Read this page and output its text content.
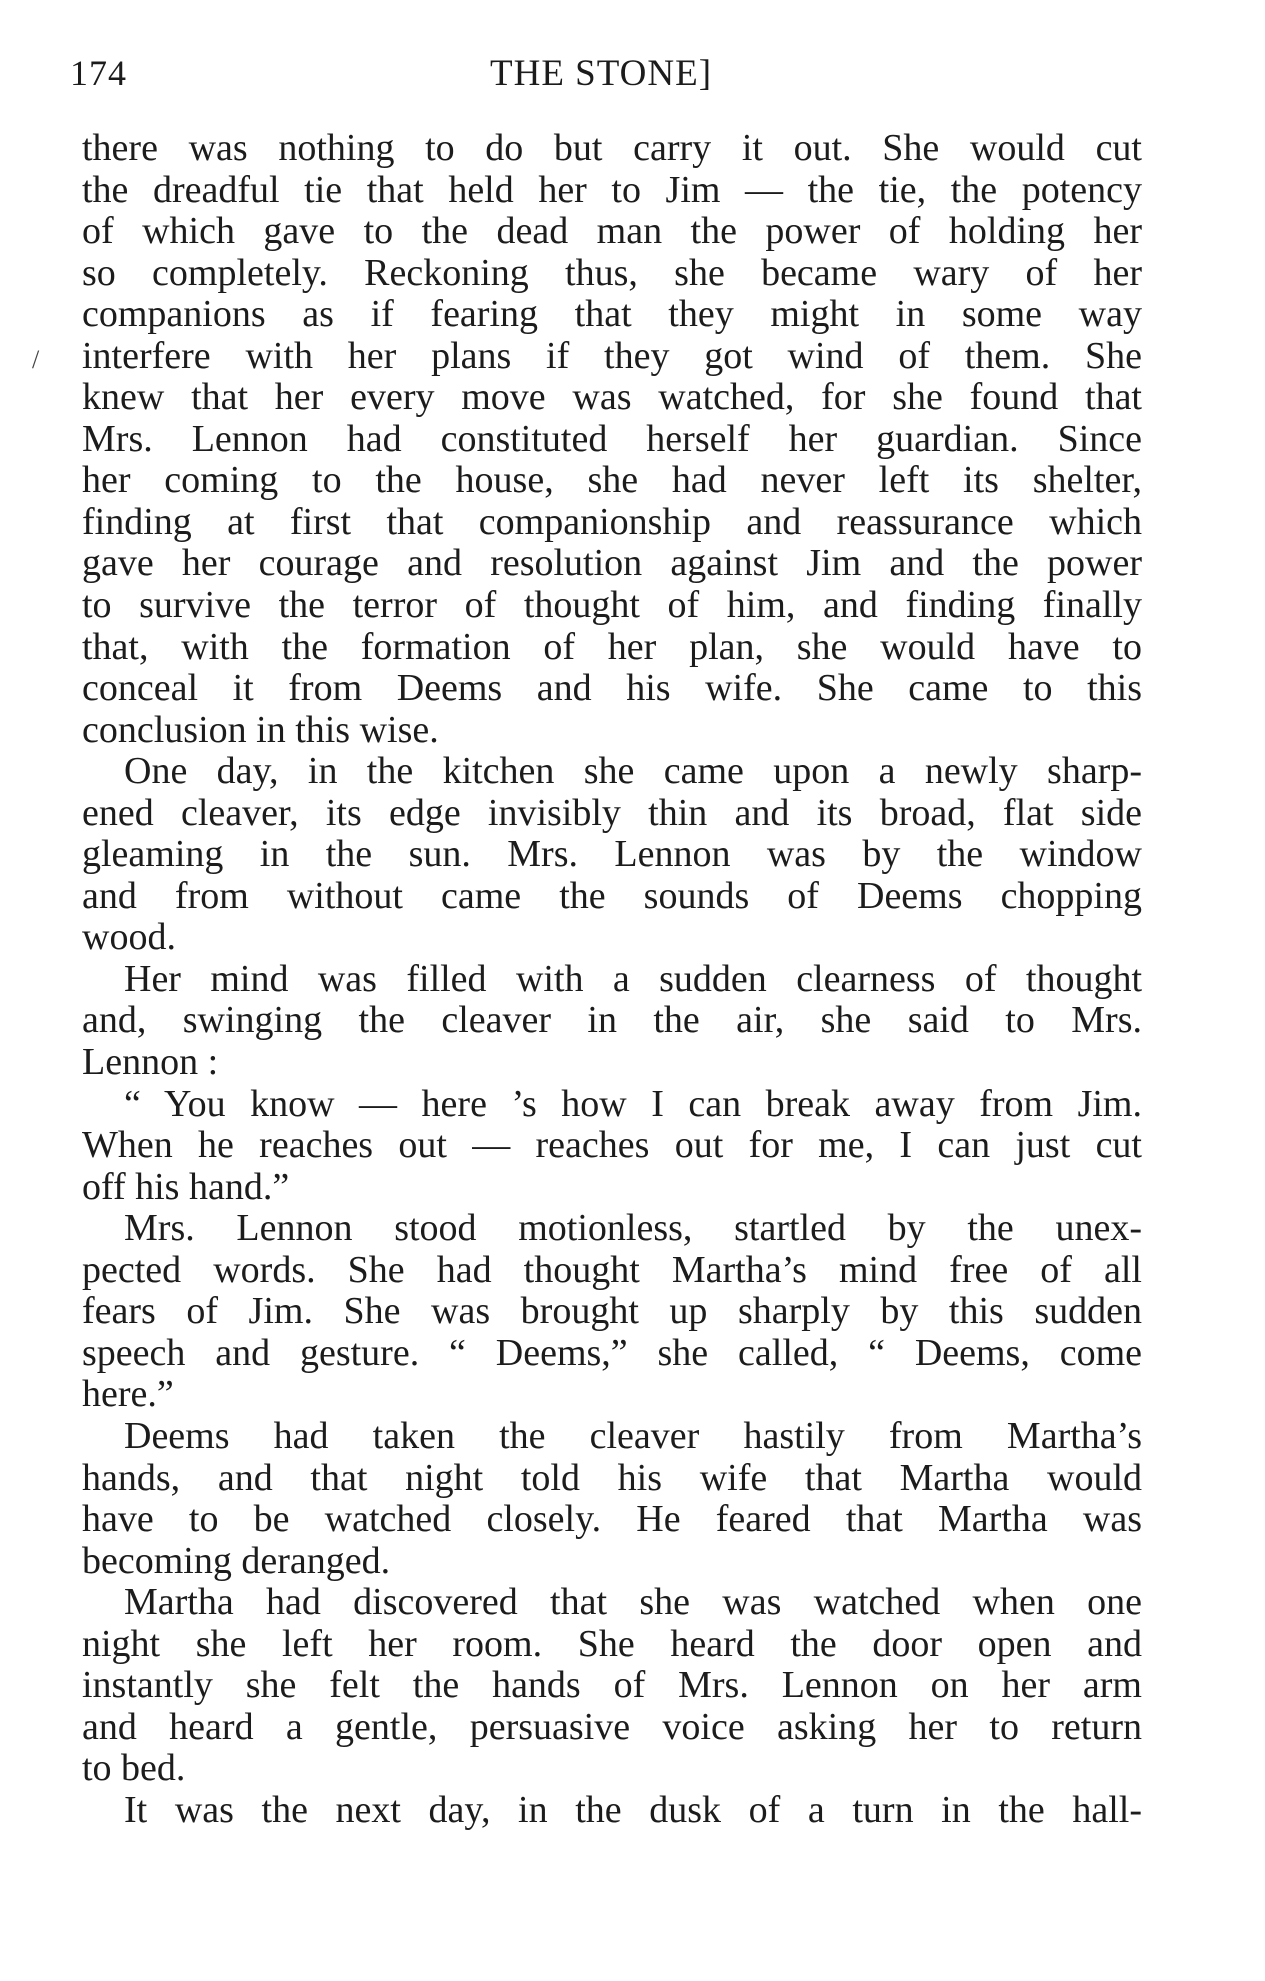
174	THE STONE]
/
there was nothing to do but carry it out. She would cut
the dreadful tie that held her to Jim — the tie, the potency
of which gave to the dead man the power of holding her
so completely. Reckoning thus, she became wary of her
companions as if fearing that they might in some way
interfere with her plans if they got wind of them. She
knew that her every move was watched, for she found that
Mrs. Lennon had constituted herself her guardian. Since
her coming to the house, she had never left its shelter,
finding at first that companionship and reassurance which
gave her courage and resolution against Jim and the power
to survive the terror of thought of him, and finding finally
that, with the formation of her plan, she would have to
conceal it from Deems and his wife. She came to this
conclusion in this wise.
One day, in the kitchen she came upon a newly sharp-
ened cleaver, its edge invisibly thin and its broad, flat side
gleaming in the sun. Mrs. Lennon was by the window
and from without came the sounds of Deems chopping
wood.
Her mind was filled with a sudden clearness of thought
and, swinging the cleaver in the air, she said to Mrs.
Lennon :
“ You know — here ’s how I can break away from Jim.
When he reaches out — reaches out for me, I can just cut
off his hand.”
Mrs. Lennon stood motionless, startled by the unex-
pected words. She had thought Martha’s mind free of all
fears of Jim. She was brought up sharply by this sudden
speech and gesture. “ Deems,” she called, “ Deems, come
here.”
Deems had taken the cleaver hastily from Martha’s
hands, and that night told his wife that Martha would
have to be watched closely. He feared that Martha was
becoming deranged.
Martha had discovered that she was watched when one
night she left her room. She heard the door open and
instantly she felt the hands of Mrs. Lennon on her arm
and heard a gentle, persuasive voice asking her to return
to bed.
It was the next day, in the dusk of a turn in the hall-
